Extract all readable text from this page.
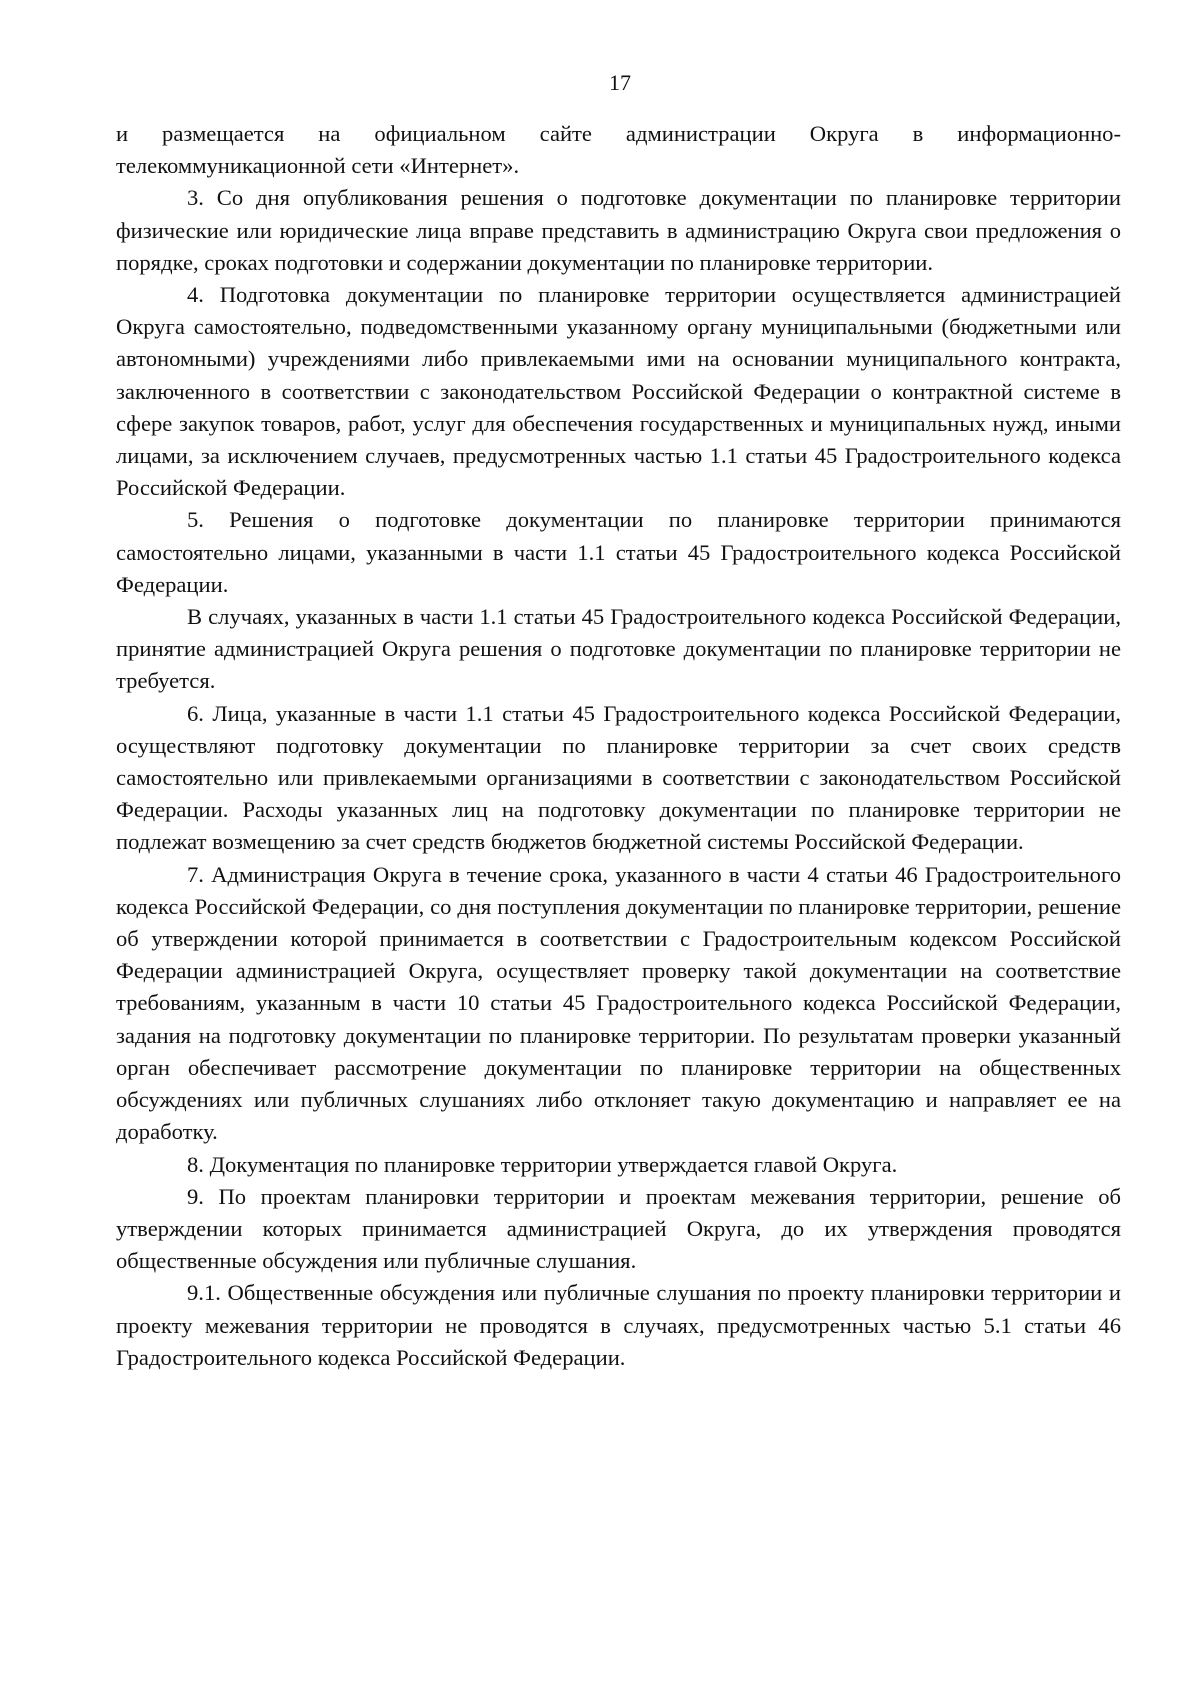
17

и размещается на официальном сайте администрации Округа в информационно-телекоммуникационной сети «Интернет».

3. Со дня опубликования решения о подготовке документации по планировке территории физические или юридические лица вправе представить в администрацию Округа свои предложения о порядке, сроках подготовки и содержании документации по планировке территории.

4. Подготовка документации по планировке территории осуществляется администрацией Округа самостоятельно, подведомственными указанному органу муниципальными (бюджетными или автономными) учреждениями либо привлекаемыми ими на основании муниципального контракта, заключенного в соответствии с законодательством Российской Федерации о контрактной системе в сфере закупок товаров, работ, услуг для обеспечения государственных и муниципальных нужд, иными лицами, за исключением случаев, предусмотренных частью 1.1 статьи 45 Градостроительного кодекса Российской Федерации.

5. Решения о подготовке документации по планировке территории принимаются самостоятельно лицами, указанными в части 1.1 статьи 45 Градостроительного кодекса Российской Федерации.

В случаях, указанных в части 1.1 статьи 45 Градостроительного кодекса Российской Федерации, принятие администрацией Округа решения о подготовке документации по планировке территории не требуется.

6. Лица, указанные в части 1.1 статьи 45 Градостроительного кодекса Российской Федерации, осуществляют подготовку документации по планировке территории за счет своих средств самостоятельно или привлекаемыми организациями в соответствии с законодательством Российской Федерации. Расходы указанных лиц на подготовку документации по планировке территории не подлежат возмещению за счет средств бюджетов бюджетной системы Российской Федерации.

7. Администрация Округа в течение срока, указанного в части 4 статьи 46 Градостроительного кодекса Российской Федерации, со дня поступления документации по планировке территории, решение об утверждении которой принимается в соответствии с Градостроительным кодексом Российской Федерации администрацией Округа, осуществляет проверку такой документации на соответствие требованиям, указанным в части 10 статьи 45 Градостроительного кодекса Российской Федерации, задания на подготовку документации по планировке территории. По результатам проверки указанный орган обеспечивает рассмотрение документации по планировке территории на общественных обсуждениях или публичных слушаниях либо отклоняет такую документацию и направляет ее на доработку.

8. Документация по планировке территории утверждается главой Округа.

9. По проектам планировки территории и проектам межевания территории, решение об утверждении которых принимается администрацией Округа, до их утверждения проводятся общественные обсуждения или публичные слушания.

9.1. Общественные обсуждения или публичные слушания по проекту планировки территории и проекту межевания территории не проводятся в случаях, предусмотренных частью 5.1 статьи 46 Градостроительного кодекса Российской Федерации.
